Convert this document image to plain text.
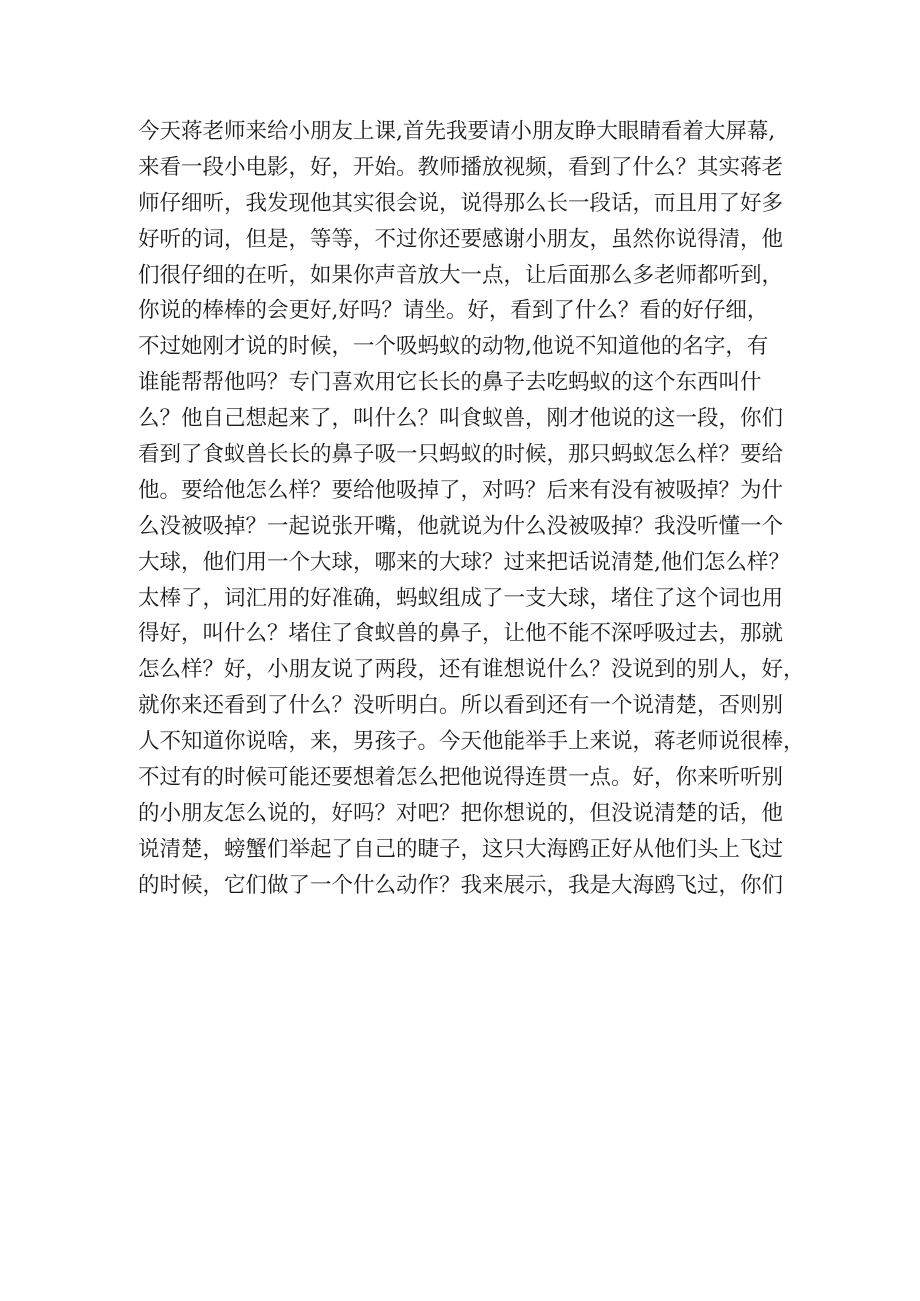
今天蒋老师来给小朋友上课,首先我要请小朋友睁大眼睛看着大屏幕,
来看一段小电影，好，开始。教师播放视频，看到了什么？其实蒋老
师仔细听，我发现他其实很会说，说得那么长一段话，而且用了好多
好听的词，但是，等等，不过你还要感谢小朋友，虽然你说得清，他
们很仔细的在听，如果你声音放大一点，让后面那么多老师都听到，
你说的棒棒的会更好,好吗？请坐。好，看到了什么？看的好仔细，
不过她刚才说的时候，一个吸蚂蚁的动物,他说不知道他的名字，有
谁能帮帮他吗？专门喜欢用它长长的鼻子去吃蚂蚁的这个东西叫什
么？他自己想起来了，叫什么？叫食蚁兽，刚才他说的这一段，你们
看到了食蚁兽长长的鼻子吸一只蚂蚁的时候，那只蚂蚁怎么样？要给
他。要给他怎么样？要给他吸掉了，对吗？后来有没有被吸掉？为什
么没被吸掉？一起说张开嘴，他就说为什么没被吸掉？我没听懂一个
大球，他们用一个大球，哪来的大球？过来把话说清楚,他们怎么样？
太棒了，词汇用的好准确，蚂蚁组成了一支大球，堵住了这个词也用
得好，叫什么？堵住了食蚁兽的鼻子，让他不能不深呼吸过去，那就
怎么样？好，小朋友说了两段，还有谁想说什么？没说到的别人，好，
就你来还看到了什么？没听明白。所以看到还有一个说清楚，否则别
人不知道你说啥，来，男孩子。今天他能举手上来说，蒋老师说很棒，
不过有的时候可能还要想着怎么把他说得连贯一点。好，你来听听别
的小朋友怎么说的，好吗？对吧？把你想说的，但没说清楚的话，他
说清楚，螃蟹们举起了自己的睫子，这只大海鸥正好从他们头上飞过
的时候，它们做了一个什么动作？我来展示，我是大海鸥飞过，你们
